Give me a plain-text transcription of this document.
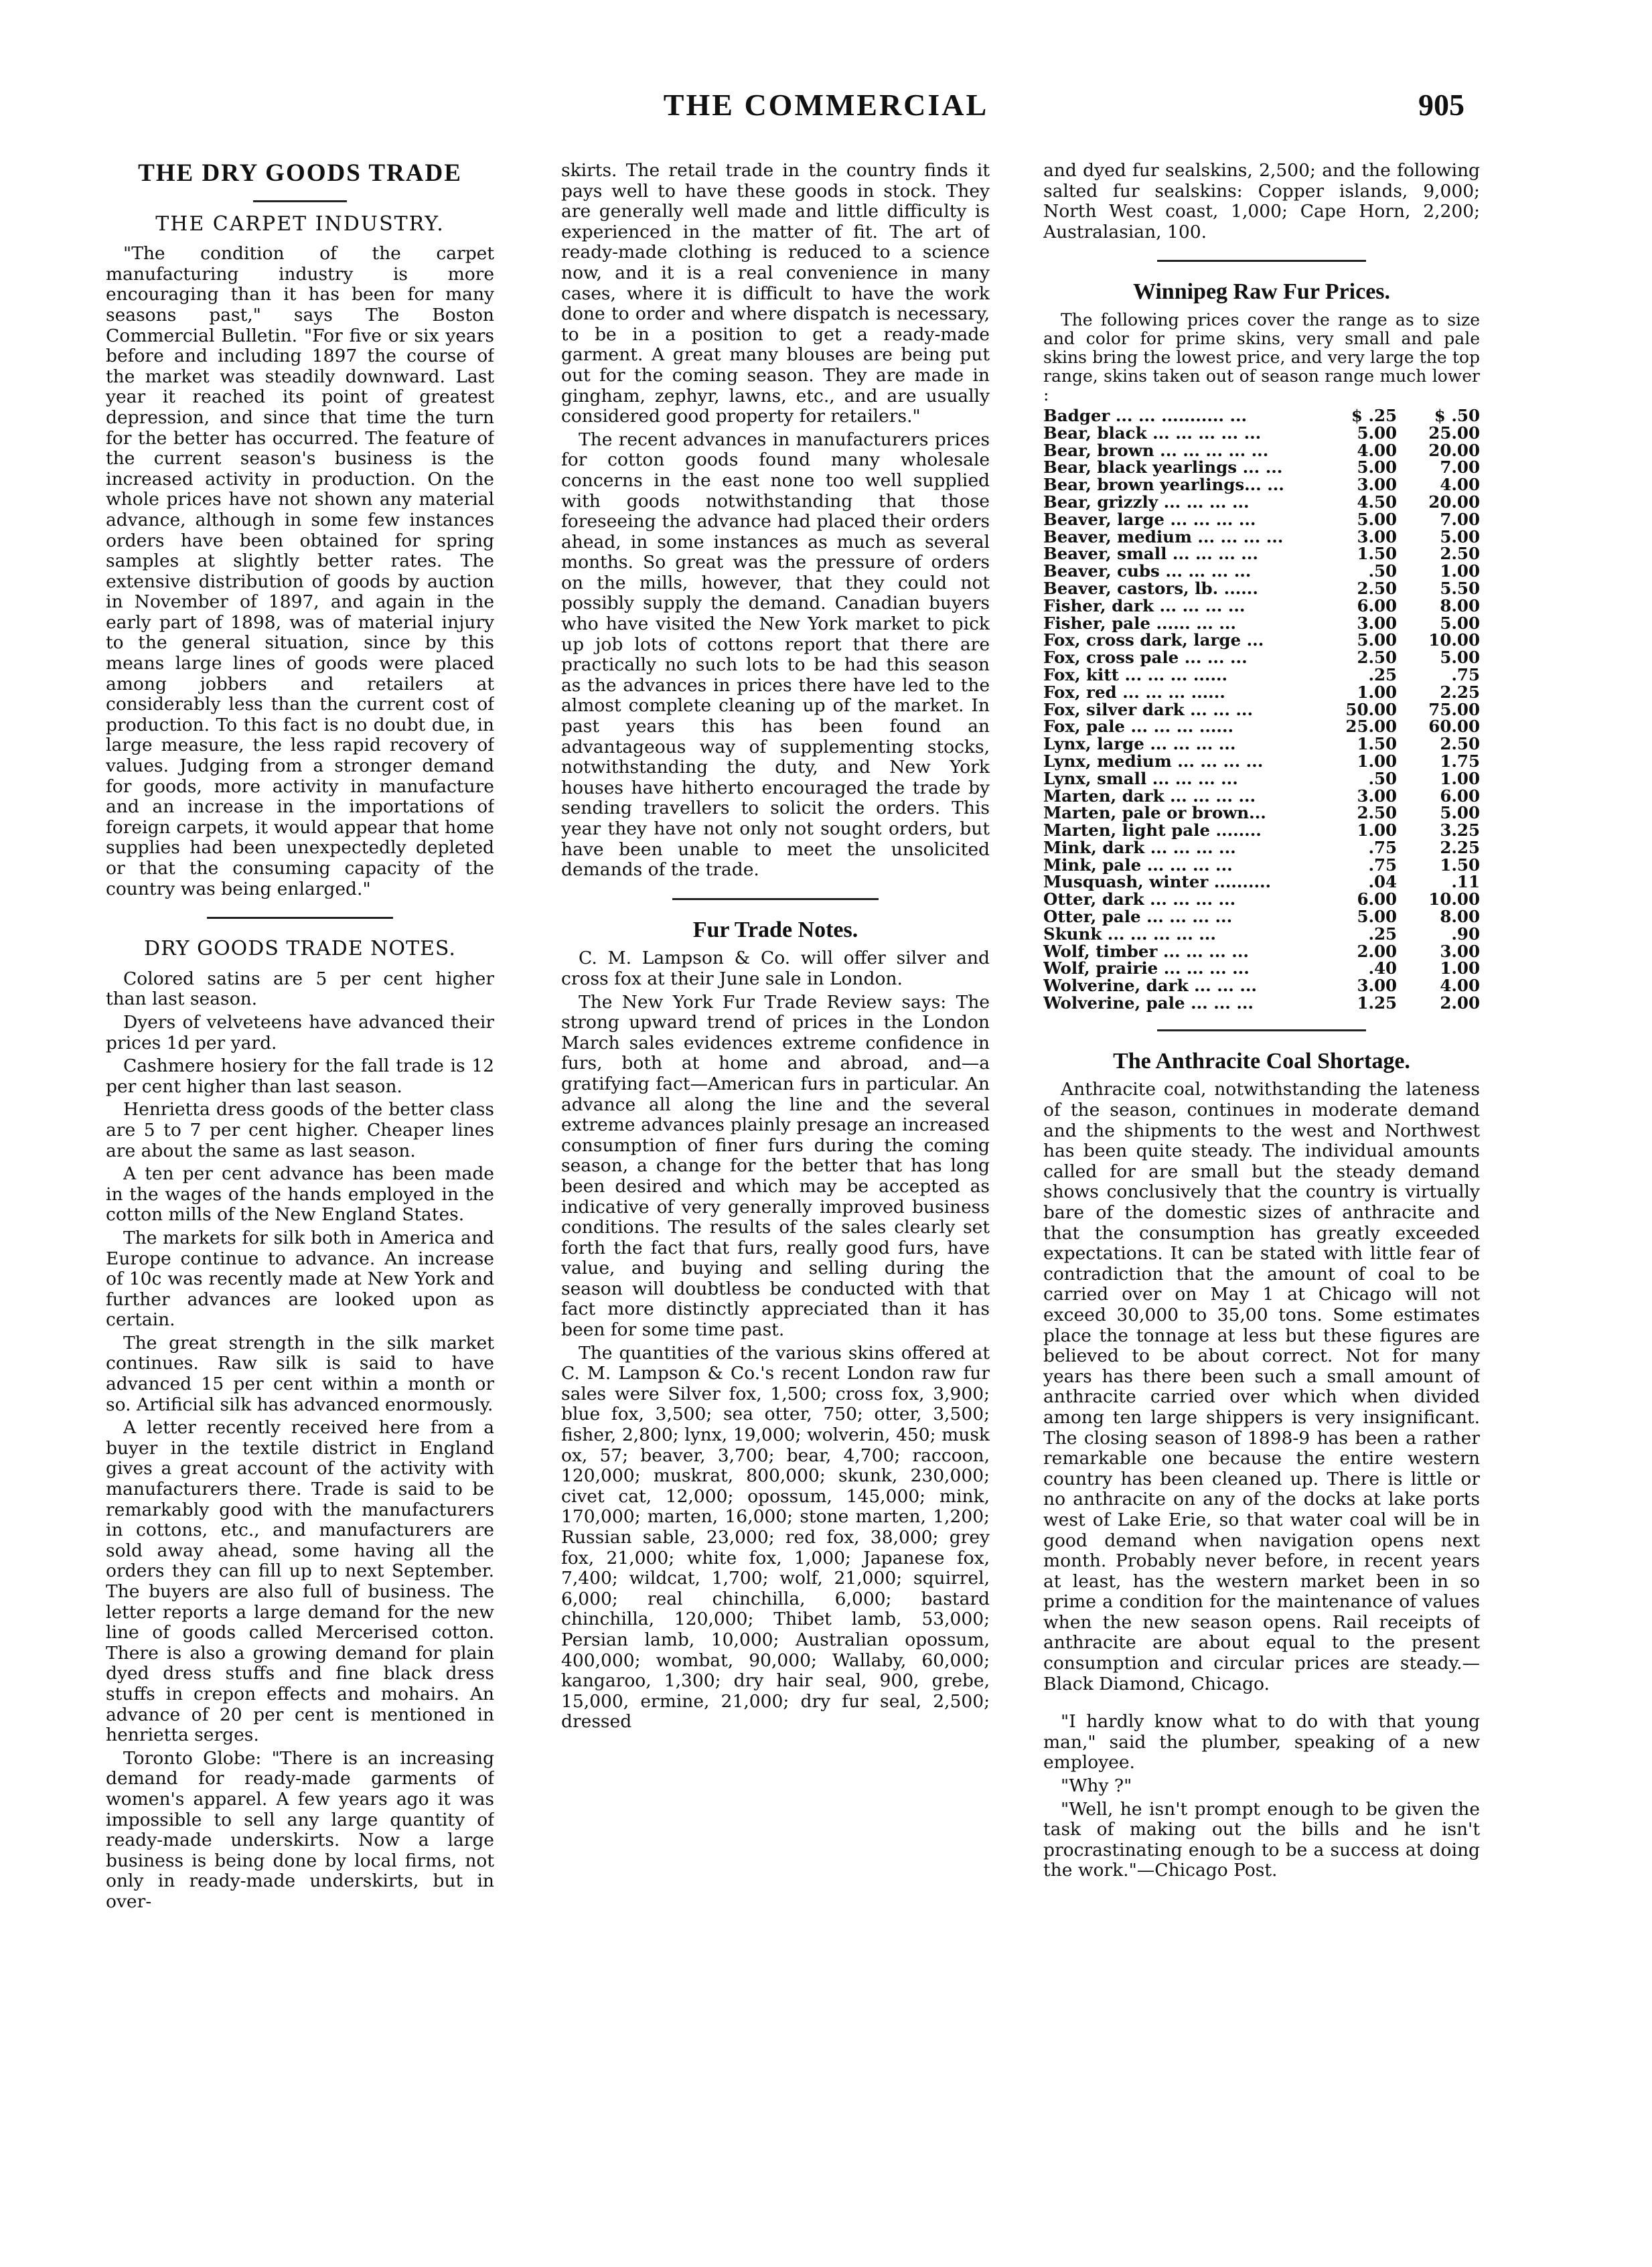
THE COMMERCIAL	905
THE DRY GOODS TRADE
THE CARPET INDUSTRY.

"The condition of the carpet manufacturing industry is more encouraging than it has been for many seasons past," says The Boston Commercial Bulletin. "For five or six years before and including 1897 the course of the market was steadily downward. Last year it reached its point of greatest depression, and since that time the turn for the better has occurred. The feature of the current season's business is the increased activity in production. On the whole prices have not shown any material advance, although in some few instances orders have been obtained for spring samples at slightly better rates. The extensive distribution of goods by auction in November of 1897, and again in the early part of 1898, was of material injury to the general situation, since by this means large lines of goods were placed among jobbers and retailers at considerably less than the current cost of production. To this fact is no doubt due, in large measure, the less rapid recovery of values. Judging from a stronger demand for goods, more activity in manufacture and an increase in the importations of foreign carpets, it would appear that home supplies had been unexpectedly depleted or that the consuming capacity of the country was being enlarged."

DRY GOODS TRADE NOTES.

Colored satins are 5 per cent higher than last season.

Dyers of velveteens have advanced their prices 1d per yard.

Cashmere hosiery for the fall trade is 12 per cent higher than last season.

Henrietta dress goods of the better class are 5 to 7 per cent higher. Cheaper lines are about the same as last season.

A ten per cent advance has been made in the wages of the hands employed in the cotton mills of the New England States.

The markets for silk both in America and Europe continue to advance. An increase of 10c was recently made at New York and further advances are looked upon as certain.

The great strength in the silk market continues. Raw silk is said to have advanced 15 per cent within a month or so. Artificial silk has advanced enormously.

A letter recently received here from a buyer in the textile district in England gives a great account of the activity with manufacturers there. Trade is said to be remarkably good with the manufacturers in cottons, etc., and manufacturers are sold away ahead, some having all the orders they can fill up to next September. The buyers are also full of business. The letter reports a large demand for the new line of goods called Mercerised cotton. There is also a growing demand for plain dyed dress stuffs and fine black dress stuffs in crepon effects and mohairs. An advance of 20 per cent is mentioned in henrietta serges.

Toronto Globe: "There is an increasing demand for ready-made garments of women's apparel. A few years ago it was impossible to sell any large quantity of ready-made underskirts. Now a large business is being done by local firms, not only in ready-made underskirts, but in over-

skirts. The retail trade in the country finds it pays well to have these goods in stock. They are generally well made and little difficulty is experienced in the matter of fit. The art of ready-made clothing is reduced to a science now, and it is a real convenience in many cases, where it is difficult to have the work done to order and where dispatch is necessary, to be in a position to get a ready-made garment. A great many blouses are being put out for the coming season. They are made in gingham, zephyr, lawns, etc., and are usually considered good property for retailers."

The recent advances in manufacturers prices for cotton goods found many wholesale concerns in the east none too well supplied with goods notwithstanding that those foreseeing the advance had placed their orders ahead, in some instances as much as several months. So great was the pressure of orders on the mills, however, that they could not possibly supply the demand. Canadian buyers who have visited the New York market to pick up job lots of cottons report that there are practically no such lots to be had this season as the advances in prices there have led to the almost complete cleaning up of the market. In past years this has been found an advantageous way of supplementing stocks, notwithstanding the duty, and New York houses have hitherto encouraged the trade by sending travellers to solicit the orders. This year they have not only not sought orders, but have been unable to meet the unsolicited demands of the trade.

Fur Trade Notes.

C. M. Lampson & Co. will offer silver and cross fox at their June sale in London.

The New York Fur Trade Review says: The strong upward trend of prices in the London March sales evidences extreme confidence in furs, both at home and abroad, and—a gratifying fact—American furs in particular. An advance all along the line and the several extreme advances plainly presage an increased consumption of finer furs during the coming season, a change for the better that has long been desired and which may be accepted as indicative of very generally improved business conditions. The results of the sales clearly set forth the fact that furs, really good furs, have value, and buying and selling during the season will doubtless be conducted with that fact more distinctly appreciated than it has been for some time past.

The quantities of the various skins offered at C. M. Lampson & Co.'s recent London raw fur sales were Silver fox, 1,500; cross fox, 3,900; blue fox, 3,500; sea otter, 750; otter, 3,500; fisher, 2,800; lynx, 19,000; wolverin, 450; musk ox, 57; beaver, 3,700; bear, 4,700; raccoon, 120,000; muskrat, 800,000; skunk, 230,000; civet cat, 12,000; opossum, 145,000; mink, 170,000; marten, 16,000; stone marten, 1,200; Russian sable, 23,000; red fox, 38,000; grey fox, 21,000; white fox, 1,000; Japanese fox, 7,400; wildcat, 1,700; wolf, 21,000; squirrel, 6,000; real chinchilla, 6,000; bastard chinchilla, 120,000; Thibet lamb, 53,000; Persian lamb, 10,000; Australian opossum, 400,000; wombat, 90,000; Wallaby, 60,000; kangaroo, 1,300; dry hair seal, 900, grebe, 15,000, ermine, 21,000; dry fur seal, 2,500; dressed

and dyed fur sealskins, 2,500; and the following salted fur sealskins: Copper islands, 9,000; North West coast, 1,000; Cape Horn, 2,200; Australasian, 100.

Winnipeg Raw Fur Prices.

The following prices cover the range as to size and color for prime skins, very small and pale skins bring the lowest price, and very large the top range, skins taken out of season range much lower :

Badger ... ... ........... ...	$ .25	$ .50
Bear, black ... ... ... ... ...	5.00	25.00
Bear, brown ... ... ... ... ...	4.00	20.00
Bear, black yearlings ... ...	5.00	7.00
Bear, brown yearlings... ...	3.00	4.00
Bear, grizzly ... ... ... ...	4.50	20.00
Beaver, large ... ... ... ...	5.00	7.00
Beaver, medium ... ... ... ...	3.00	5.00
Beaver, small ... ... ... ...	1.50	2.50
Beaver, cubs ... ... ... ...	.50	1.00
Beaver, castors, lb. ......	2.50	5.50
Fisher, dark ... ... ... ...	6.00	8.00
Fisher, pale ...... ... ...	3.00	5.00
Fox, cross dark, large ...	5.00	10.00
Fox, cross pale ... ... ...	2.50	5.00
Fox, kitt ... ... ... ......	.25	.75
Fox, red ... ... ... ......	1.00	2.25
Fox, silver dark ... ... ...	50.00	75.00
Fox, pale ... ... ... ......	25.00	60.00
Lynx, large ... ... ... ...	1.50	2.50
Lynx, medium ... ... ... ...	1.00	1.75
Lynx, small ... ... ... ...	.50	1.00
Marten, dark ... ... ... ...	3.00	6.00
Marten, pale or brown...	2.50	5.00
Marten, light pale ........	1.00	3.25
Mink, dark ... ... ... ...	.75	2.25
Mink, pale ... ... ... ...	.75	1.50
Musquash, winter ..........	.04	.11
Otter, dark ... ... ... ...	6.00	10.00
Otter, pale ... ... ... ...	5.00	8.00
Skunk ... ... ... ... ...	.25	.90
Wolf, timber ... ... ... ...	2.00	3.00
Wolf, prairie ... ... ... ...	.40	1.00
Wolverine, dark ... ... ...	3.00	4.00
Wolverine, pale ... ... ...	1.25	2.00
The Anthracite Coal Shortage.

Anthracite coal, notwithstanding the lateness of the season, continues in moderate demand and the shipments to the west and Northwest has been quite steady. The individual amounts called for are small but the steady demand shows conclusively that the country is virtually bare of the domestic sizes of anthracite and that the consumption has greatly exceeded expectations. It can be stated with little fear of contradiction that the amount of coal to be carried over on May 1 at Chicago will not exceed 30,000 to 35,00 tons. Some estimates place the tonnage at less but these figures are believed to be about correct. Not for many years has there been such a small amount of anthracite carried over which when divided among ten large shippers is very insignificant. The closing season of 1898-9 has been a rather remarkable one because the entire western country has been cleaned up. There is little or no anthracite on any of the docks at lake ports west of Lake Erie, so that water coal will be in good demand when navigation opens next month. Probably never before, in recent years at least, has the western market been in so prime a condition for the maintenance of values when the new season opens. Rail receipts of anthracite are about equal to the present consumption and circular prices are steady.—Black Diamond, Chicago.

"I hardly know what to do with that young man," said the plumber, speaking of a new employee.

"Why ?"

"Well, he isn't prompt enough to be given the task of making out the bills and he isn't procrastinating enough to be a success at doing the work."—Chicago Post.
